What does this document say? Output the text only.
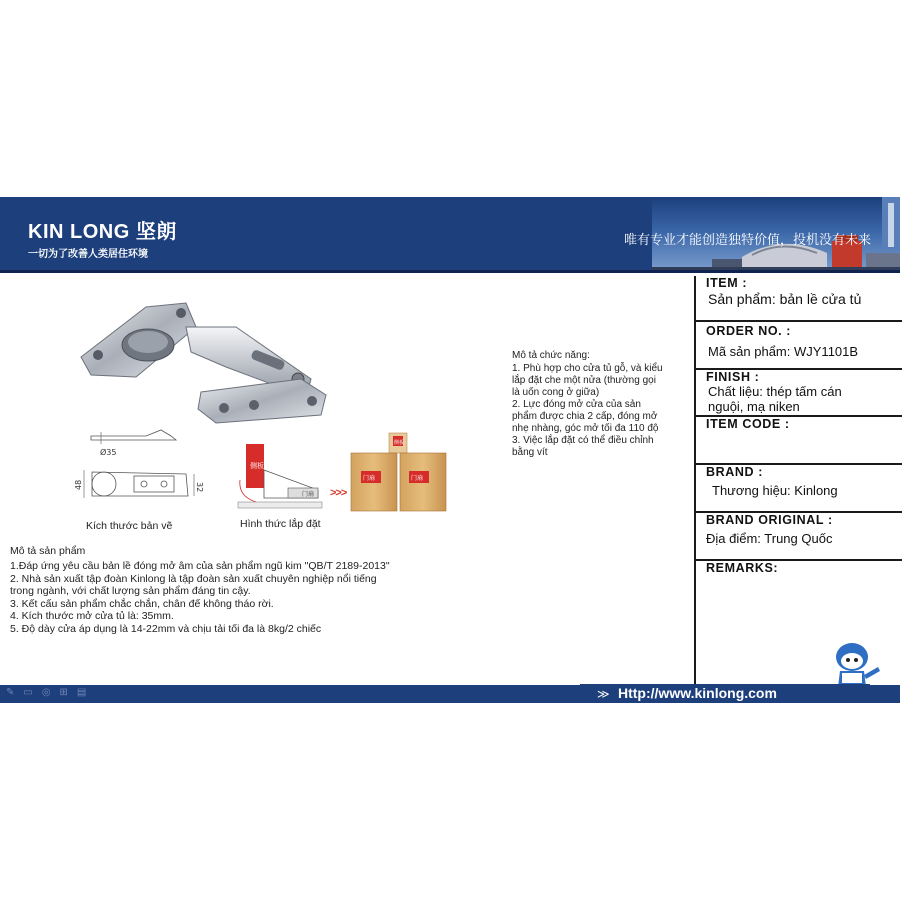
KIN LONG 坚朗
一切为了改善人类居住环境
唯有专业才能创造独特价值，投机没有未来
Ø35
48	32
侧板
门扇 >>>
侧板
门扇	门扇
Kích thước bản vẽ	Hình thức lắp đặt
Mô tả chức năng:
1. Phù hợp cho cửa tủ gỗ, và kiểu
lắp đặt che một nửa (thường gọi
là uốn cong ở giữa)
2. Lực đóng mở cửa của sản
phẩm được chia 2 cấp, đóng mở
nhẹ nhàng, góc mở tối đa 110 độ
3. Việc lắp đặt có thể điều chỉnh
bằng vít
Mô tả sản phẩm
1.Đáp ứng yêu cầu bản lề đóng mở âm của sản phẩm ngũ kim "QB/T 2189-2013"
2. Nhà sản xuất tập đoàn Kinlong là tập đoàn sản xuất chuyên nghiệp nổi tiếng
trong ngành, với chất lượng sản phẩm đáng tin cậy.
3. Kết cấu sản phẩm chắc chắn, chân đế không tháo rời.
4. Kích thước mở cửa tủ là: 35mm.
5. Độ dày cửa áp dụng là 14-22mm và chịu tải tối đa là 8kg/2 chiếc
ITEM :
Sản phẩm: bản lề cửa tủ
ORDER NO. :
Mã sản phẩm: WJY1101B
FINISH :
Chất liệu: thép tấm cán
nguội, mạ niken
ITEM CODE :
BRAND :
Thương hiệu: Kinlong
BRAND ORIGINAL :
Địa điểm: Trung Quốc
REMARKS:
✎▭◎⊞▤	≫ Http://www.kinlong.com
